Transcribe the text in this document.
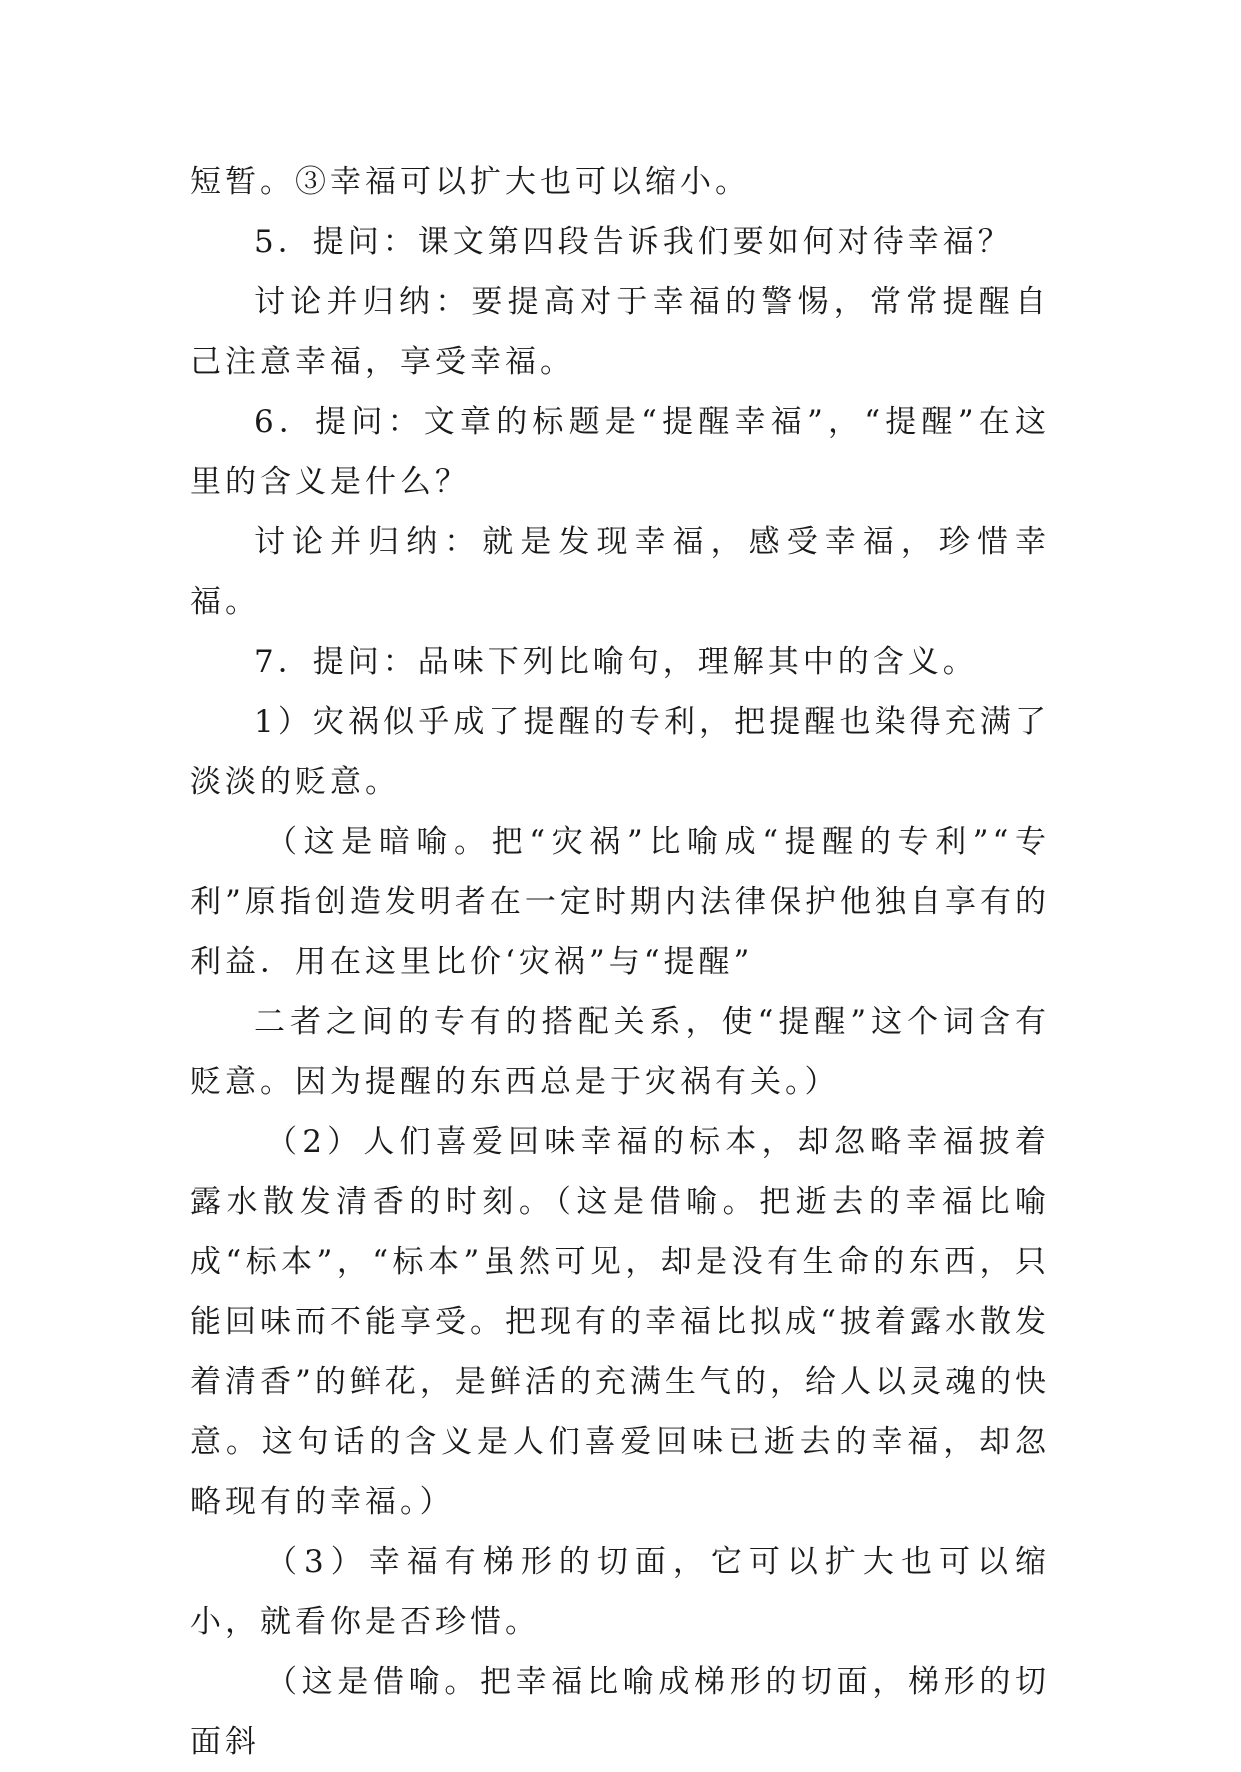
短暂。③幸福可以扩大也可以缩小。

5．提问：课文第四段告诉我们要如何对待幸福？

讨论并归纳：要提高对于幸福的警惕，常常提醒自己注意幸福，享受幸福。

6．提问：文章的标题是“提醒幸福”，“提醒”在这里的含义是什么？

讨论并归纳：就是发现幸福，感受幸福，珍惜幸福。

7．提问：品味下列比喻句，理解其中的含义。

1）灾祸似乎成了提醒的专利，把提醒也染得充满了淡淡的贬意。

（这是暗喻。把“灾祸”比喻成“提醒的专利”“专利”原指创造发明者在一定时期内法律保护他独自享有的利益．用在这里比价‘灾祸”与“提醒”

二者之间的专有的搭配关系，使“提醒”这个词含有贬意。因为提醒的东西总是于灾祸有关。）

（2）人们喜爱回味幸福的标本，却忽略幸福披着露水散发清香的时刻。（这是借喻。把逝去的幸福比喻成“标本”，“标本”虽然可见，却是没有生命的东西，只能回味而不能享受。把现有的幸福比拟成“披着露水散发着清香”的鲜花，是鲜活的充满生气的，给人以灵魂的快意。这句话的含义是人们喜爱回味已逝去的幸福，却忽略现有的幸福。）

（3）幸福有梯形的切面，它可以扩大也可以缩小，就看你是否珍惜。

（这是借喻。把幸福比喻成梯形的切面，梯形的切面斜
